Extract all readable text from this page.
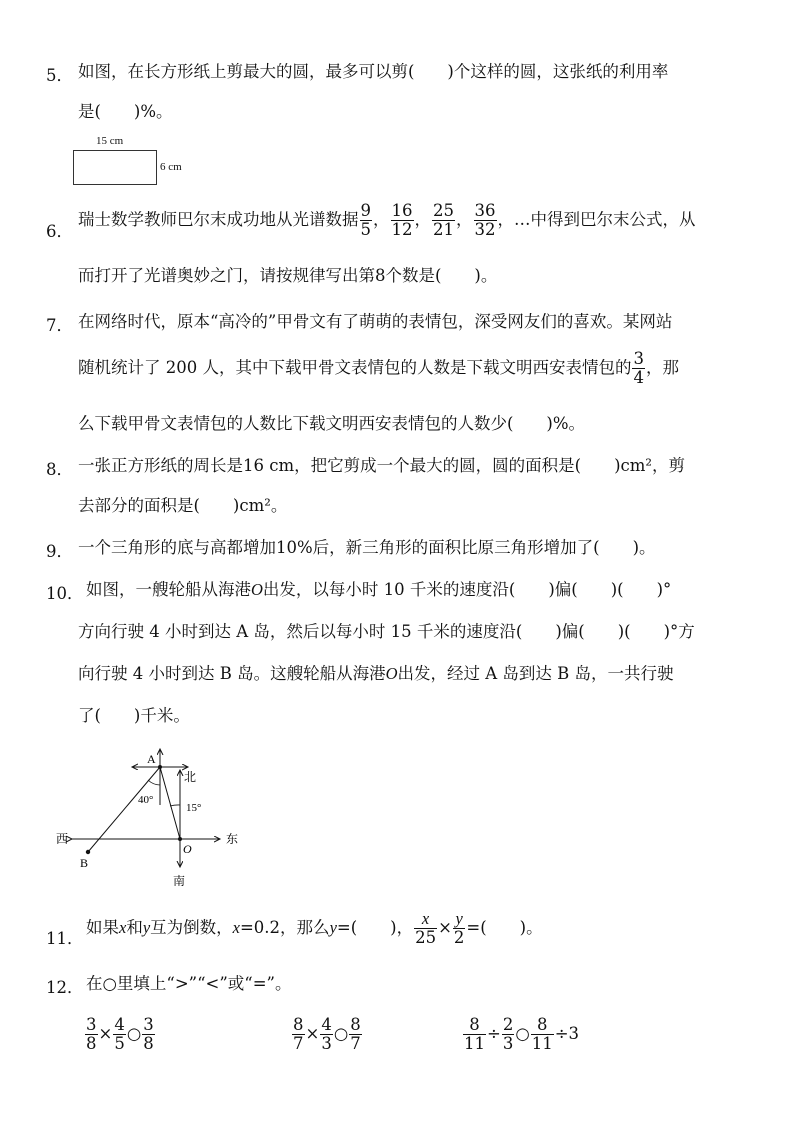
5． 如图，在长方形纸上剪最大的圆，最多可以剪(　　)个这样的圆，这张纸的利用率
是(　　)%。
15 cm
6 cm
6．
瑞士数学教师巴尔末成功地从光谱数据 $\frac{9}{5}$ ， $\frac{16}{12}$ ， $\frac{25}{21}$ ， $\frac{36}{32}$ ，…中得到巴尔末公式，从
而打开了光谱奥妙之门，请按规律写出第8个数是(　　)。
7． 在网络时代，原本“高冷的”甲骨文有了萌萌的表情包，深受网友们的喜欢。某网站
随机统计了 200 人，其中下载甲骨文表情包的人数是下载文明西安表情包的 $\frac{3}{4}$ ，那
么下载甲骨文表情包的人数比下载文明西安表情包的人数少(　　)%。
8． 一张正方形纸的周长是16 cm，把它剪成一个最大的圆，圆的面积是(　　)cm²，剪
去部分的面积是(　　)cm²。
9． 一个三角形的底与高都增加10%后，新三角形的面积比原三角形增加了(　　)。
10． 如图，一艘轮船从海港O出发，以每小时 10 千米的速度沿(　　)偏(　　)(　　)°
方向行驶 4 小时到达 A 岛，然后以每小时 15 千米的速度沿(　　)偏(　　)(　　)°方
向行驶 4 小时到达 B 岛。这艘轮船从海港O出发，经过 A 岛到达 B 岛，一共行驶
了(　　)千米。
A
B
O
北
南
西	东
40°
15°
11．
如果x和y互为倒数，x=0.2，那么y=(　　)， $\frac{x}{25} \times \frac{y}{2}$ =(　　)。
12． 在○里填上“>”“<”或“=”。
$\frac{3}{8} \times \frac{4}{5}$ ○ $\frac{3}{8}$	$\frac{8}{7} \times \frac{4}{3}$ ○ $\frac{8}{7}$	$\frac{8}{11} \div \frac{2}{3}$ ○ $\frac{8}{11} \div 3$
